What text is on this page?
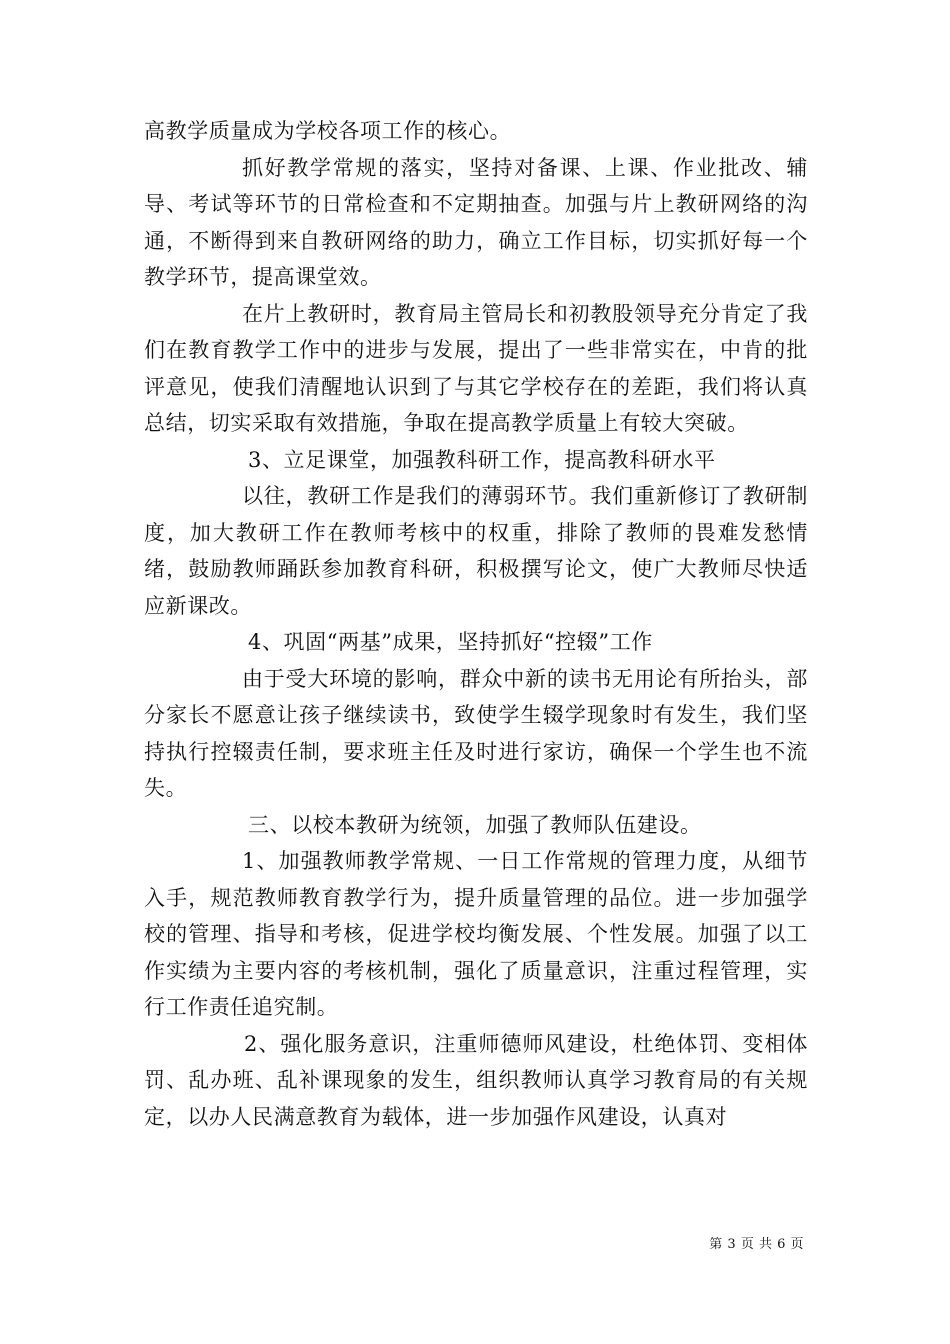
高教学质量成为学校各项工作的核心。

抓好教学常规的落实，坚持对备课、上课、作业批改、辅导、考试等环节的日常检查和不定期抽查。加强与片上教研网络的沟通，不断得到来自教研网络的助力，确立工作目标，切实抓好每一个教学环节，提高课堂效。

在片上教研时，教育局主管局长和初教股领导充分肯定了我们在教育教学工作中的进步与发展，提出了一些非常实在，中肯的批评意见，使我们清醒地认识到了与其它学校存在的差距，我们将认真总结，切实采取有效措施，争取在提高教学质量上有较大突破。

3、立足课堂，加强教科研工作，提高教科研水平

以往，教研工作是我们的薄弱环节。我们重新修订了教研制度，加大教研工作在教师考核中的权重，排除了教师的畏难发愁情绪，鼓励教师踊跃参加教育科研，积极撰写论文，使广大教师尽快适应新课改。

4、巩固“两基”成果，坚持抓好“控辍”工作

由于受大环境的影响，群众中新的读书无用论有所抬头，部分家长不愿意让孩子继续读书，致使学生辍学现象时有发生，我们坚持执行控辍责任制，要求班主任及时进行家访，确保一个学生也不流失。

三、以校本教研为统领，加强了教师队伍建设。

1、加强教师教学常规、一日工作常规的管理力度，从细节入手，规范教师教育教学行为，提升质量管理的品位。进一步加强学校的管理、指导和考核，促进学校均衡发展、个性发展。加强了以工作实绩为主要内容的考核机制，强化了质量意识，注重过程管理，实行工作责任追究制。

2、强化服务意识，注重师德师风建设，杜绝体罚、变相体罚、乱办班、乱补课现象的发生，组织教师认真学习教育局的有关规定，以办人民满意教育为载体，进一步加强作风建设，认真对

第 3 页 共 6 页
